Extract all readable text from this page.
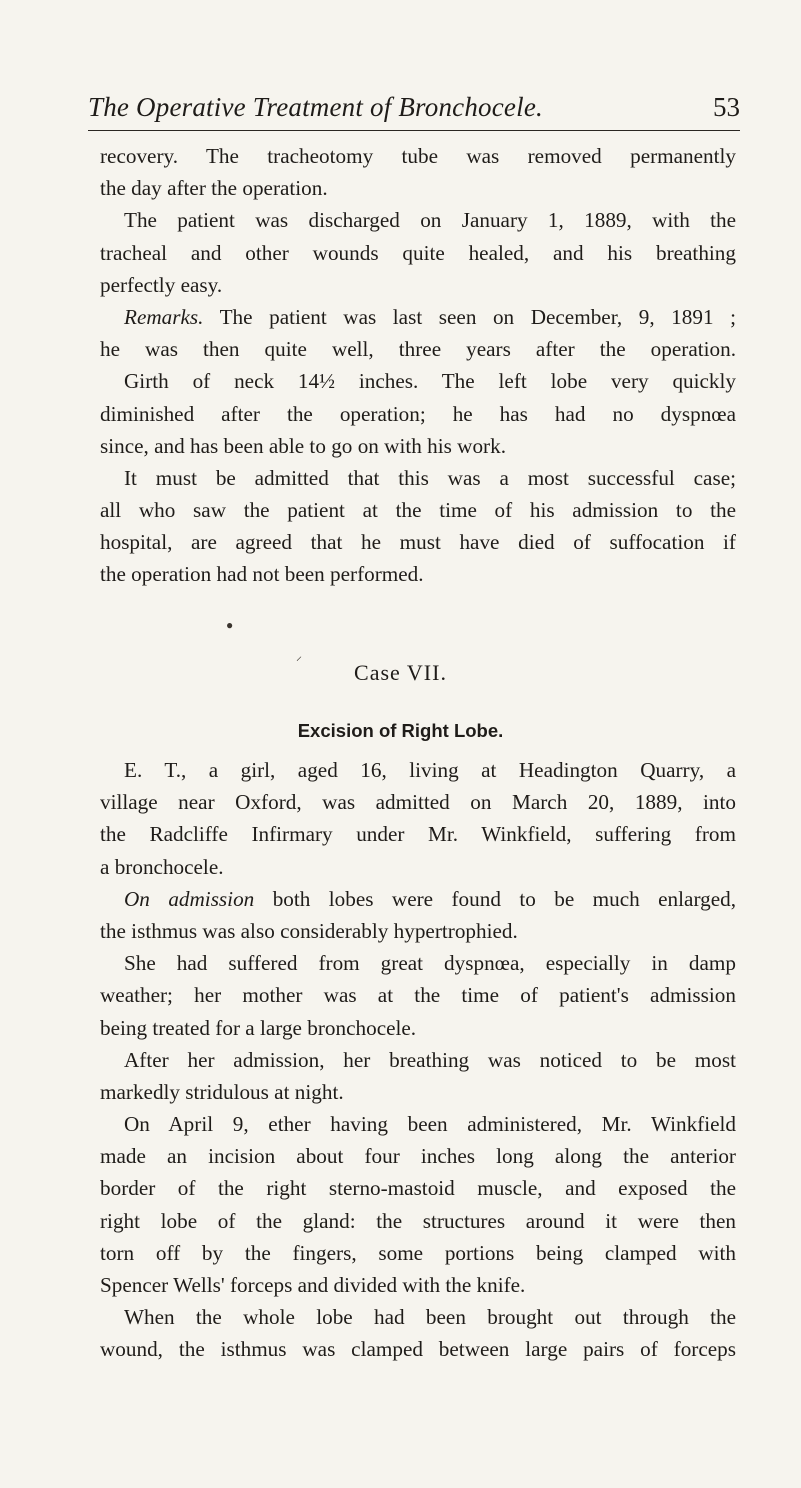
The Operative Treatment of Bronchocele.	53
recovery. The tracheotomy tube was removed permanently
the day after the operation.
The patient was discharged on January 1, 1889, with the
tracheal and other wounds quite healed, and his breathing
perfectly easy.
Remarks. The patient was last seen on December, 9, 1891 ;
he was then quite well, three years after the operation.
Girth of neck 14½ inches. The left lobe very quickly
diminished after the operation; he has had no dyspnœa
since, and has been able to go on with his work.
It must be admitted that this was a most successful case;
all who saw the patient at the time of his admission to the
hospital, are agreed that he must have died of suffocation if
the operation had not been performed.
●
⸝
Case VII.
Excision of Right Lobe.
E. T., a girl, aged 16, living at Headington Quarry, a
village near Oxford, was admitted on March 20, 1889, into
the Radcliffe Infirmary under Mr. Winkfield, suffering from
a bronchocele.
On admission both lobes were found to be much enlarged,
the isthmus was also considerably hypertrophied.
She had suffered from great dyspnœa, especially in damp
weather; her mother was at the time of patient's admission
being treated for a large bronchocele.
After her admission, her breathing was noticed to be most
markedly stridulous at night.
On April 9, ether having been administered, Mr. Winkfield
made an incision about four inches long along the anterior
border of the right sterno-mastoid muscle, and exposed the
right lobe of the gland: the structures around it were then
torn off by the fingers, some portions being clamped with
Spencer Wells' forceps and divided with the knife.
When the whole lobe had been brought out through the
wound, the isthmus was clamped between large pairs of forceps
